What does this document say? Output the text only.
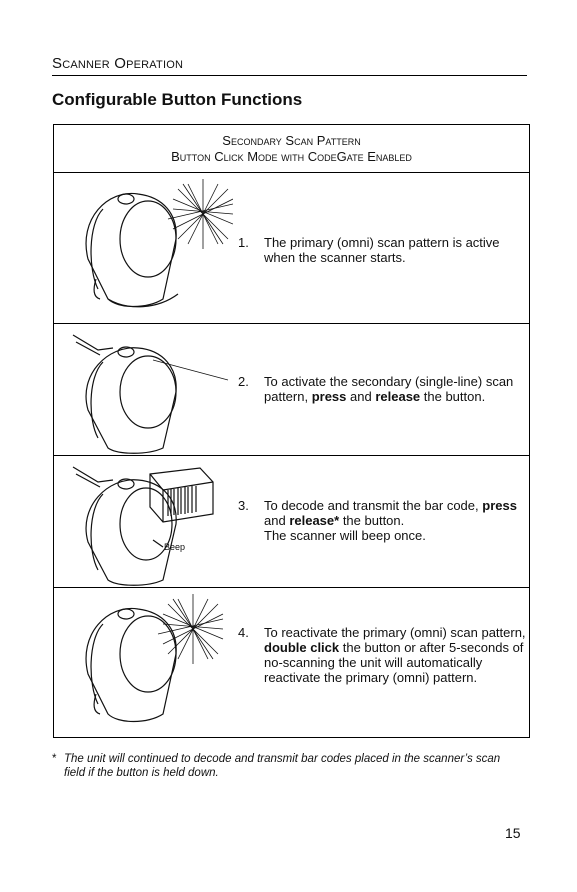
Scanner Operation
Configurable Button Functions
Secondary Scan Pattern
Button Click Mode with CodeGate Enabled
1.	The primary (omni) scan pattern is active when the scanner starts.
2.	To activate the secondary (single-line) scan pattern, press and release the button.
Beep
3.	To decode and transmit the bar code, press and release* the button.
The scanner will beep once.
4.	To reactivate the primary (omni) scan pattern, double click the button or after 5-seconds of no-scanning the unit will automatically reactivate the primary (omni) pattern.
* The unit will continued to decode and transmit bar codes placed in the scanner’s scan field if the button is held down.
15
